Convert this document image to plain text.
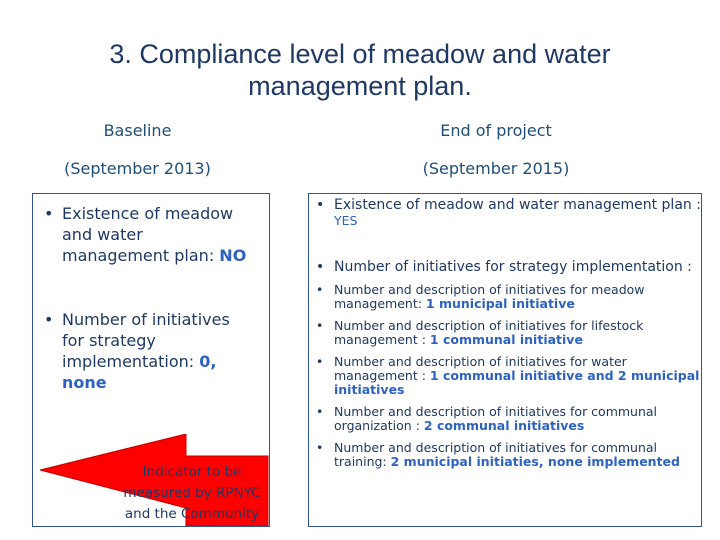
3. Compliance level of meadow and water
management plan.
Baseline
(September 2013)
End of project
(September 2015)
• Existence of meadow and water management plan: NO
• Number of initiatives for strategy implementation: 0, none
• Existence of meadow and water management plan :
YES
• Number of initiatives for strategy implementation :
• Number and description of initiatives for meadow management: 1 municipal initiative
• Number and description of initiatives for lifestock management : 1 communal initiative
• Number and description of initiatives for water management : 1 communal initiative and 2 municipal initiatives
• Number and description of initiatives for communal organization : 2 communal initiatives
• Number and description of initiatives for communal training: 2 municipal initiaties, none implemented
Indicator to be measured by RPNYC and the Community
